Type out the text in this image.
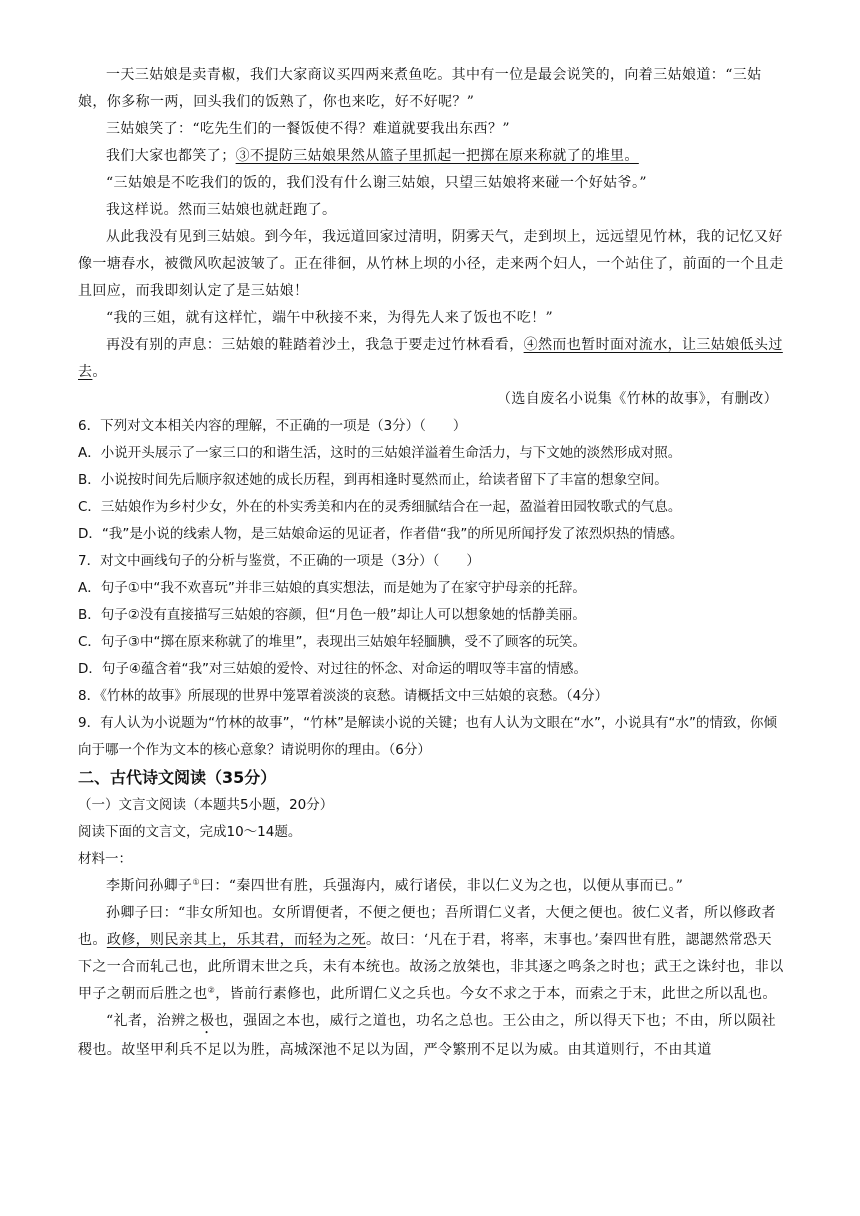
一天三姑娘是卖青椒，我们大家商议买四两来煮鱼吃。其中有一位是最会说笑的，向着三姑娘道：“三姑娘，你多称一两，回头我们的饭熟了，你也来吃，好不好呢？”

三姑娘笑了：“吃先生们的一餐饭使不得？难道就要我出东西？”

我们大家也都笑了；③不提防三姑娘果然从篮子里抓起一把掷在原来称就了的堆里。

“三姑娘是不吃我们的饭的，我们没有什么谢三姑娘，只望三姑娘将来碰一个好姑爷。”

我这样说。然而三姑娘也就赶跑了。

从此我没有见到三姑娘。到今年，我远道回家过清明，阴雾天气，走到坝上，远远望见竹林，我的记忆又好像一塘春水，被微风吹起波皱了。正在徘徊，从竹林上坝的小径，走来两个妇人，一个站住了，前面的一个且走且回应，而我即刻认定了是三姑娘！

“我的三姐，就有这样忙，端午中秋接不来，为得先人来了饭也不吃！”

再没有别的声息：三姑娘的鞋踏着沙土，我急于要走过竹林看看，④然而也暂时面对流水，让三姑娘低头过去。

（选自废名小说集《竹林的故事》，有删改）

6．下列对文本相关内容的理解，不正确的一项是（3分）（　　）

A．小说开头展示了一家三口的和谐生活，这时的三姑娘洋溢着生命活力，与下文她的淡然形成对照。

B．小说按时间先后顺序叙述她的成长历程，到再相逢时戛然而止，给读者留下了丰富的想象空间。

C．三姑娘作为乡村少女，外在的朴实秀美和内在的灵秀细腻结合在一起，盈溢着田园牧歌式的气息。

D．“我”是小说的线索人物，是三姑娘命运的见证者，作者借“我”的所见所闻抒发了浓烈炽热的情感。

7．对文中画线句子的分析与鉴赏，不正确的一项是（3分）（　　）

A．句子①中“我不欢喜玩”并非三姑娘的真实想法，而是她为了在家守护母亲的托辞。

B．句子②没有直接描写三姑娘的容颜，但“月色一般”却让人可以想象她的恬静美丽。

C．句子③中“掷在原来称就了的堆里”，表现出三姑娘年轻腼腆，受不了顾客的玩笑。

D．句子④蕴含着“我”对三姑娘的爱怜、对过往的怀念、对命运的喟叹等丰富的情感。

8．《竹林的故事》所展现的世界中笼罩着淡淡的哀愁。请概括文中三姑娘的哀愁。（4分）

9．有人认为小说题为“竹林的故事”，“竹林”是解读小说的关键；也有人认为文眼在“水”，小说具有“水”的情致，你倾向于哪一个作为文本的核心意象？请说明你的理由。（6分）

二、古代诗文阅读（35分）

（一）文言文阅读（本题共5小题，20分）

阅读下面的文言文，完成10～14题。

材料一：

李斯问孙卿子①曰：“秦四世有胜，兵强海内，威行诸侯，非以仁义为之也，以便从事而已。”

孙卿子曰：“非女所知也。女所谓便者，不便之便也；吾所谓仁义者，大便之便也。彼仁义者，所以修政者也。政修，则民亲其上，乐其君，而轻为之死。故曰：‘凡在于君，将率，末事也。’秦四世有胜，諰諰然常恐天下之一合而轧己也，此所谓末世之兵，未有本统也。故汤之放桀也，非其逐之鸣条之时也；武王之诛纣也，非以甲子之朝而后胜之也②，皆前行素修也，此所谓仁义之兵也。今女不求之于本，而索之于末，此世之所以乱也。

“礼者，治辨之极也，强固之本也，威行之道也，功名之总也。王公由之，所以得天下也；不由，所以陨社稷也。故坚甲利兵不足以为胜，高城深池不足以为固，严令繁刑不足以为威。由其道则行，不由其道
